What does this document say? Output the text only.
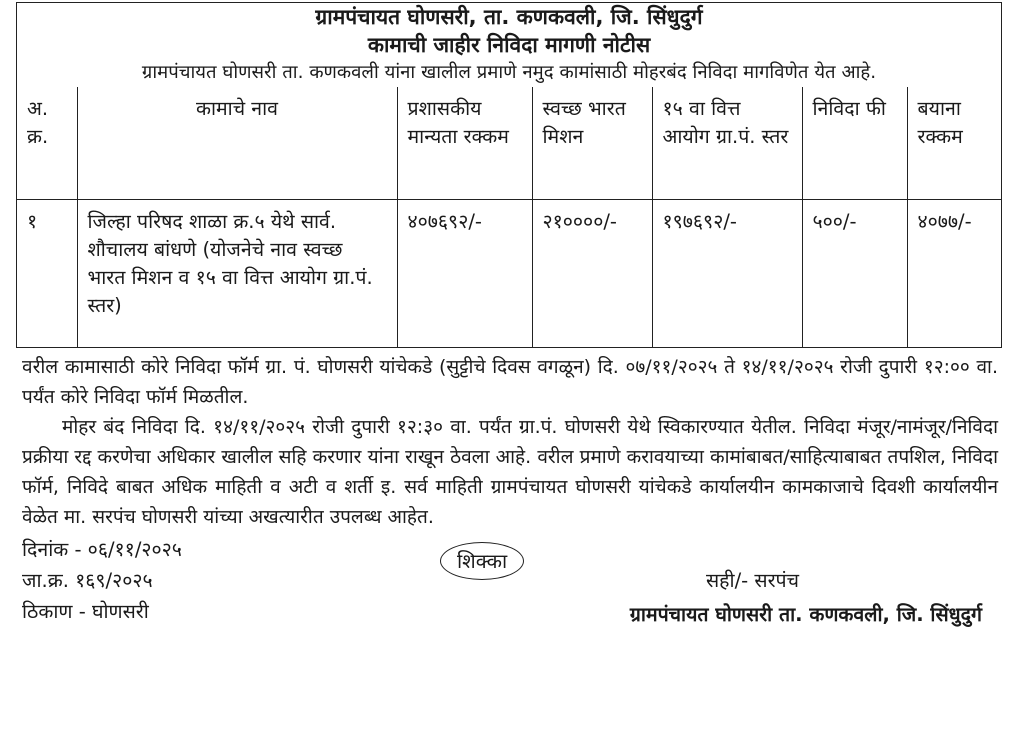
ग्रामपंचायत घोणसरी, ता. कणकवली, जि. सिंधुदुर्ग
कामाची जाहीर निविदा मागणी नोटीस
ग्रामपंचायत घोणसरी ता. कणकवली यांना खालील प्रमाणे नमुद कामांसाठी मोहरबंद निविदा मागविणेत येत आहे.
अ. क्र.	कामाचे नाव	प्रशासकीय मान्यता रक्कम	स्वच्छ भारत मिशन	१५ वा वित्त आयोग ग्रा.पं. स्तर	निविदा फी	बयाना रक्कम
१	जिल्हा परिषद शाळा क्र.५ येथे सार्व. शौचालय बांधणे (योजनेचे नाव स्वच्छ भारत मिशन व १५ वा वित्त आयोग ग्रा.पं. स्तर)	४०७६९२/-	२१००००/-	१९७६९२/-	५००/-	४०७७/-

वरील कामासाठी कोरे निविदा फॉर्म ग्रा. पं. घोणसरी यांचेकडे (सुट्टीचे दिवस वगळून) दि. ०७/११/२०२५ ते १४/११/२०२५ रोजी दुपारी १२:०० वा. पर्यंत कोरे निविदा फॉर्म मिळतील.

मोहर बंद निविदा दि. १४/११/२०२५ रोजी दुपारी १२:३० वा. पर्यंत ग्रा.पं. घोणसरी येथे स्विकारण्यात येतील. निविदा मंजूर/नामंजूर/निविदा प्रक्रीया रद्द करणेचा अधिकार खालील सहि करणार यांना राखून ठेवला आहे. वरील प्रमाणे करावयाच्या कामांबाबत/साहित्याबाबत तपशिल, निविदा फॉर्म, निविदे बाबत अधिक माहिती व अटी व शर्ती इ. सर्व माहिती ग्रामपंचायत घोणसरी यांचेकडे कार्यालयीन कामकाजाचे दिवशी कार्यालयीन वेळेत मा. सरपंच घोणसरी यांच्या अखत्यारीत उपलब्ध आहेत.

दिनांक - ०६/११/२०२५
जा.क्र. १६९/२०२५
ठिकाण - घोणसरी
शिक्का
सही/- सरपंच
ग्रामपंचायत घोणसरी ता. कणकवली, जि. सिंधुदुर्ग
